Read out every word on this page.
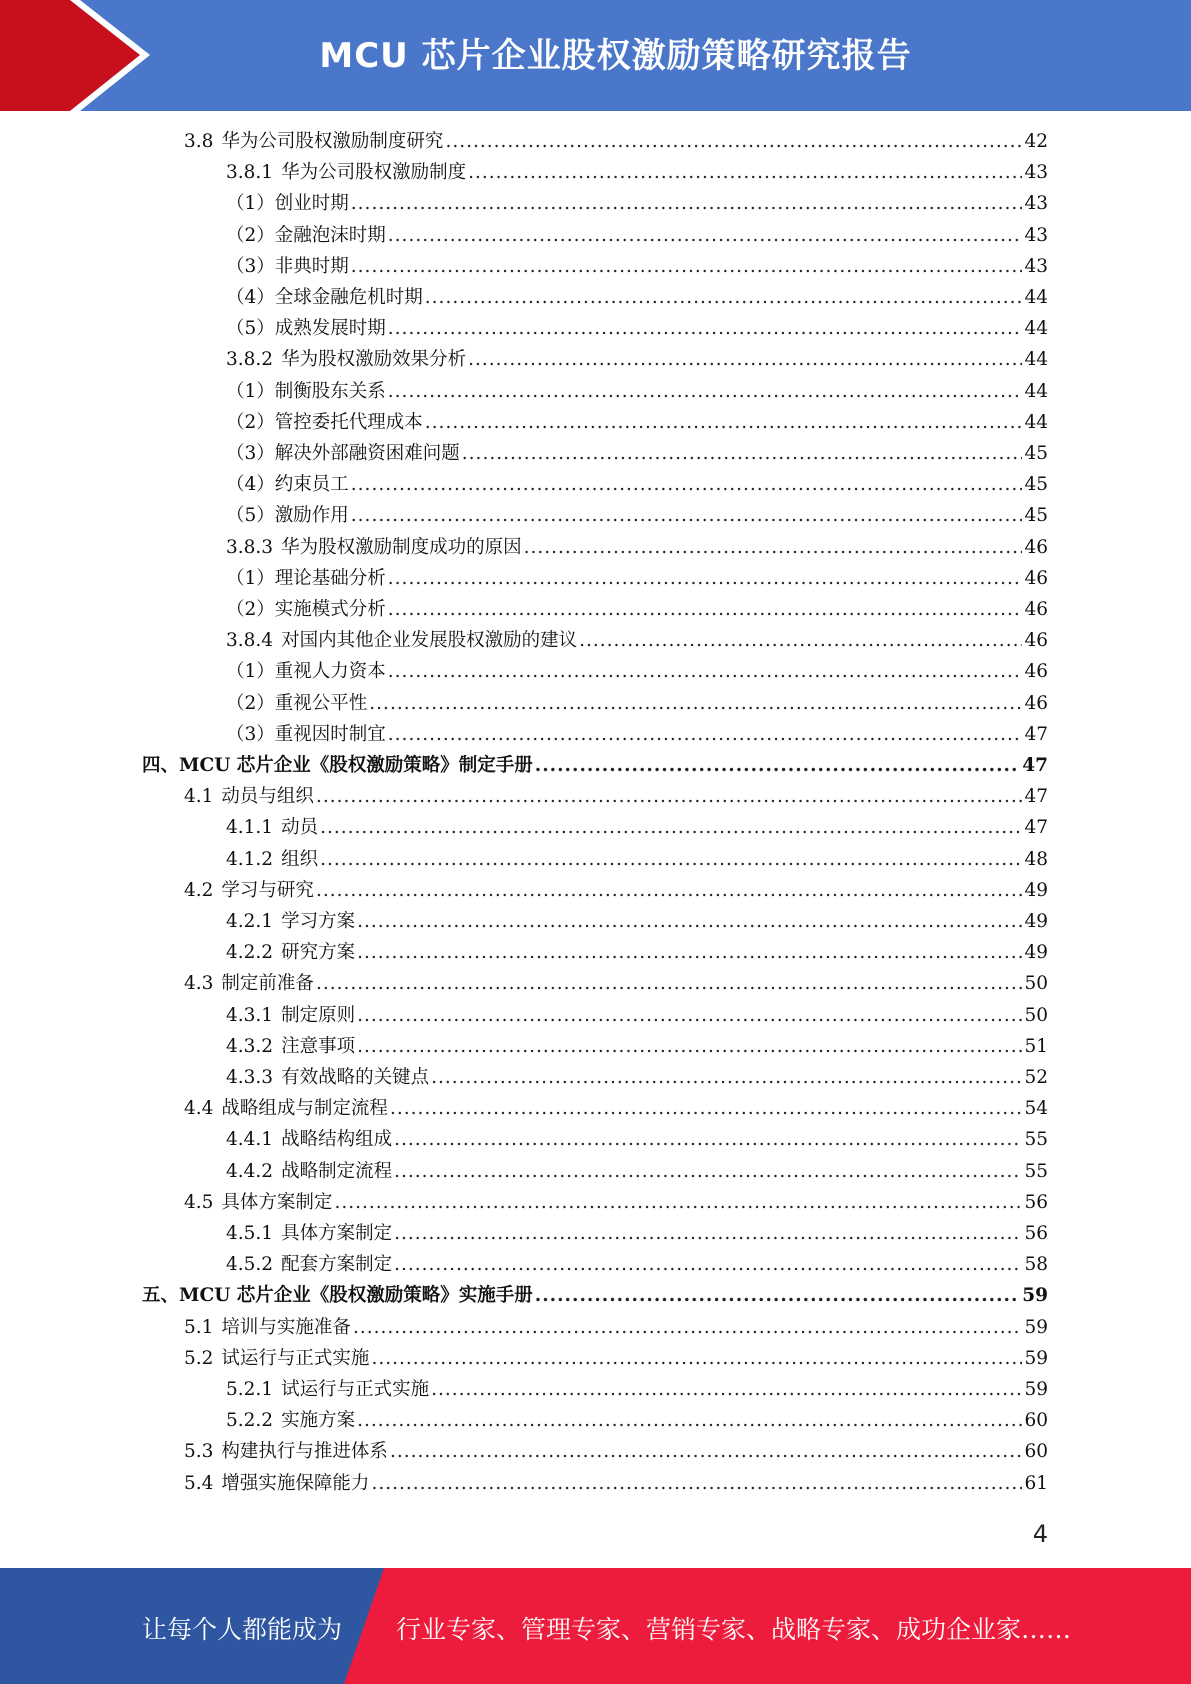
MCU 芯片企业股权激励策略研究报告
3.8 华为公司股权激励制度研究 .....	42
3.8.1 华为公司股权激励制度 .....	43
（1） 创业时期 .....	43
（2） 金融泡沫时期 .....	43
（3） 非典时期 .....	43
（4） 全球金融危机时期 .....	44
（5） 成熟发展时期 .....	44
3.8.2 华为股权激励效果分析 .....	44
（1） 制衡股东关系 .....	44
（2） 管控委托代理成本 .....	44
（3） 解决外部融资困难问题 .....	45
（4） 约束员工 .....	45
（5） 激励作用 .....	45
3.8.3 华为股权激励制度成功的原因 .....	46
（1） 理论基础分析 .....	46
（2） 实施模式分析 .....	46
3.8.4 对国内其他企业发展股权激励的建议 .....	46
（1） 重视人力资本 .....	46
（2） 重视公平性 .....	46
（3） 重视因时制宜 .....	47
四、 MCU 芯片企业《股权激励策略》制定手册 .....	47
4.1 动员与组织 .....	47
4.1.1 动员 .....	47
4.1.2 组织 .....	48
4.2 学习与研究 .....	49
4.2.1 学习方案 .....	49
4.2.2 研究方案 .....	49
4.3 制定前准备 .....	50
4.3.1 制定原则 .....	50
4.3.2 注意事项 .....	51
4.3.3 有效战略的关键点 .....	52
4.4 战略组成与制定流程 .....	54
4.4.1 战略结构组成 .....	55
4.4.2 战略制定流程 .....	55
4.5 具体方案制定 .....	56
4.5.1 具体方案制定 .....	56
4.5.2 配套方案制定 .....	58
五、 MCU 芯片企业《股权激励策略》实施手册 .....	59
5.1 培训与实施准备 .....	59
5.2 试运行与正式实施 .....	59
5.2.1 试运行与正式实施 .....	59
5.2.2 实施方案 .....	60
5.3 构建执行与推进体系 .....	60
5.4 增强实施保障能力 .....	61
4
让每个人都能成为 行业专家、管理专家、营销专家、战略专家、成功企业家……
